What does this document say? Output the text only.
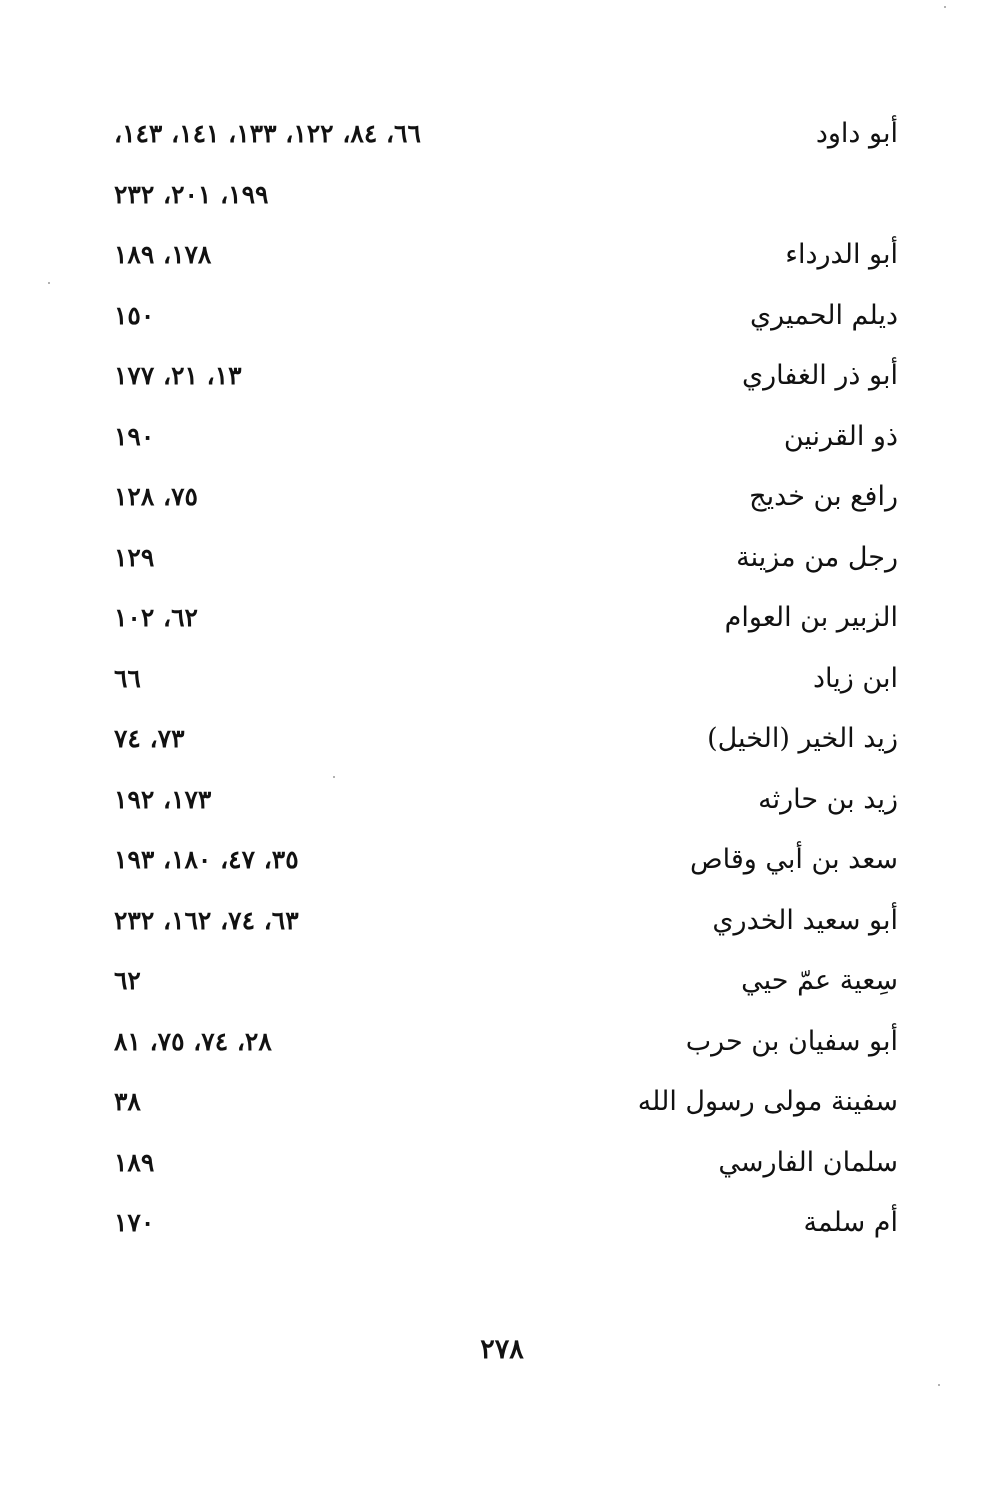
أبو داود
٦٦، ٨٤، ١٢٢، ١٣٣، ١٤١، ١٤٣،
١٩٩، ٢٠١، ٢٣٢
أبو الدرداء
١٧٨، ١٨٩
ديلم الحميري
١٥٠
أبو ذر الغفاري
١٣، ٢١، ١٧٧
ذو القرنين
١٩٠
رافع بن خديج
٧٥، ١٢٨
رجل من مزينة
١٢٩
الزبير بن العوام
٦٢، ١٠٢
ابن زياد
٦٦
زيد الخير (الخيل)
٧٣، ٧٤
زيد بن حارثه
١٧٣، ١٩٢
سعد بن أبي وقاص
٣٥، ٤٧، ١٨٠، ١٩٣
أبو سعيد الخدري
٦٣، ٧٤، ١٦٢، ٢٣٢
سِعية عمّ حيي
٦٢
أبو سفيان بن حرب
٢٨، ٧٤، ٧٥، ٨١
سفينة مولى رسول الله
٣٨
سلمان الفارسي
١٨٩
أم سلمة
١٧٠
٢٧٨
